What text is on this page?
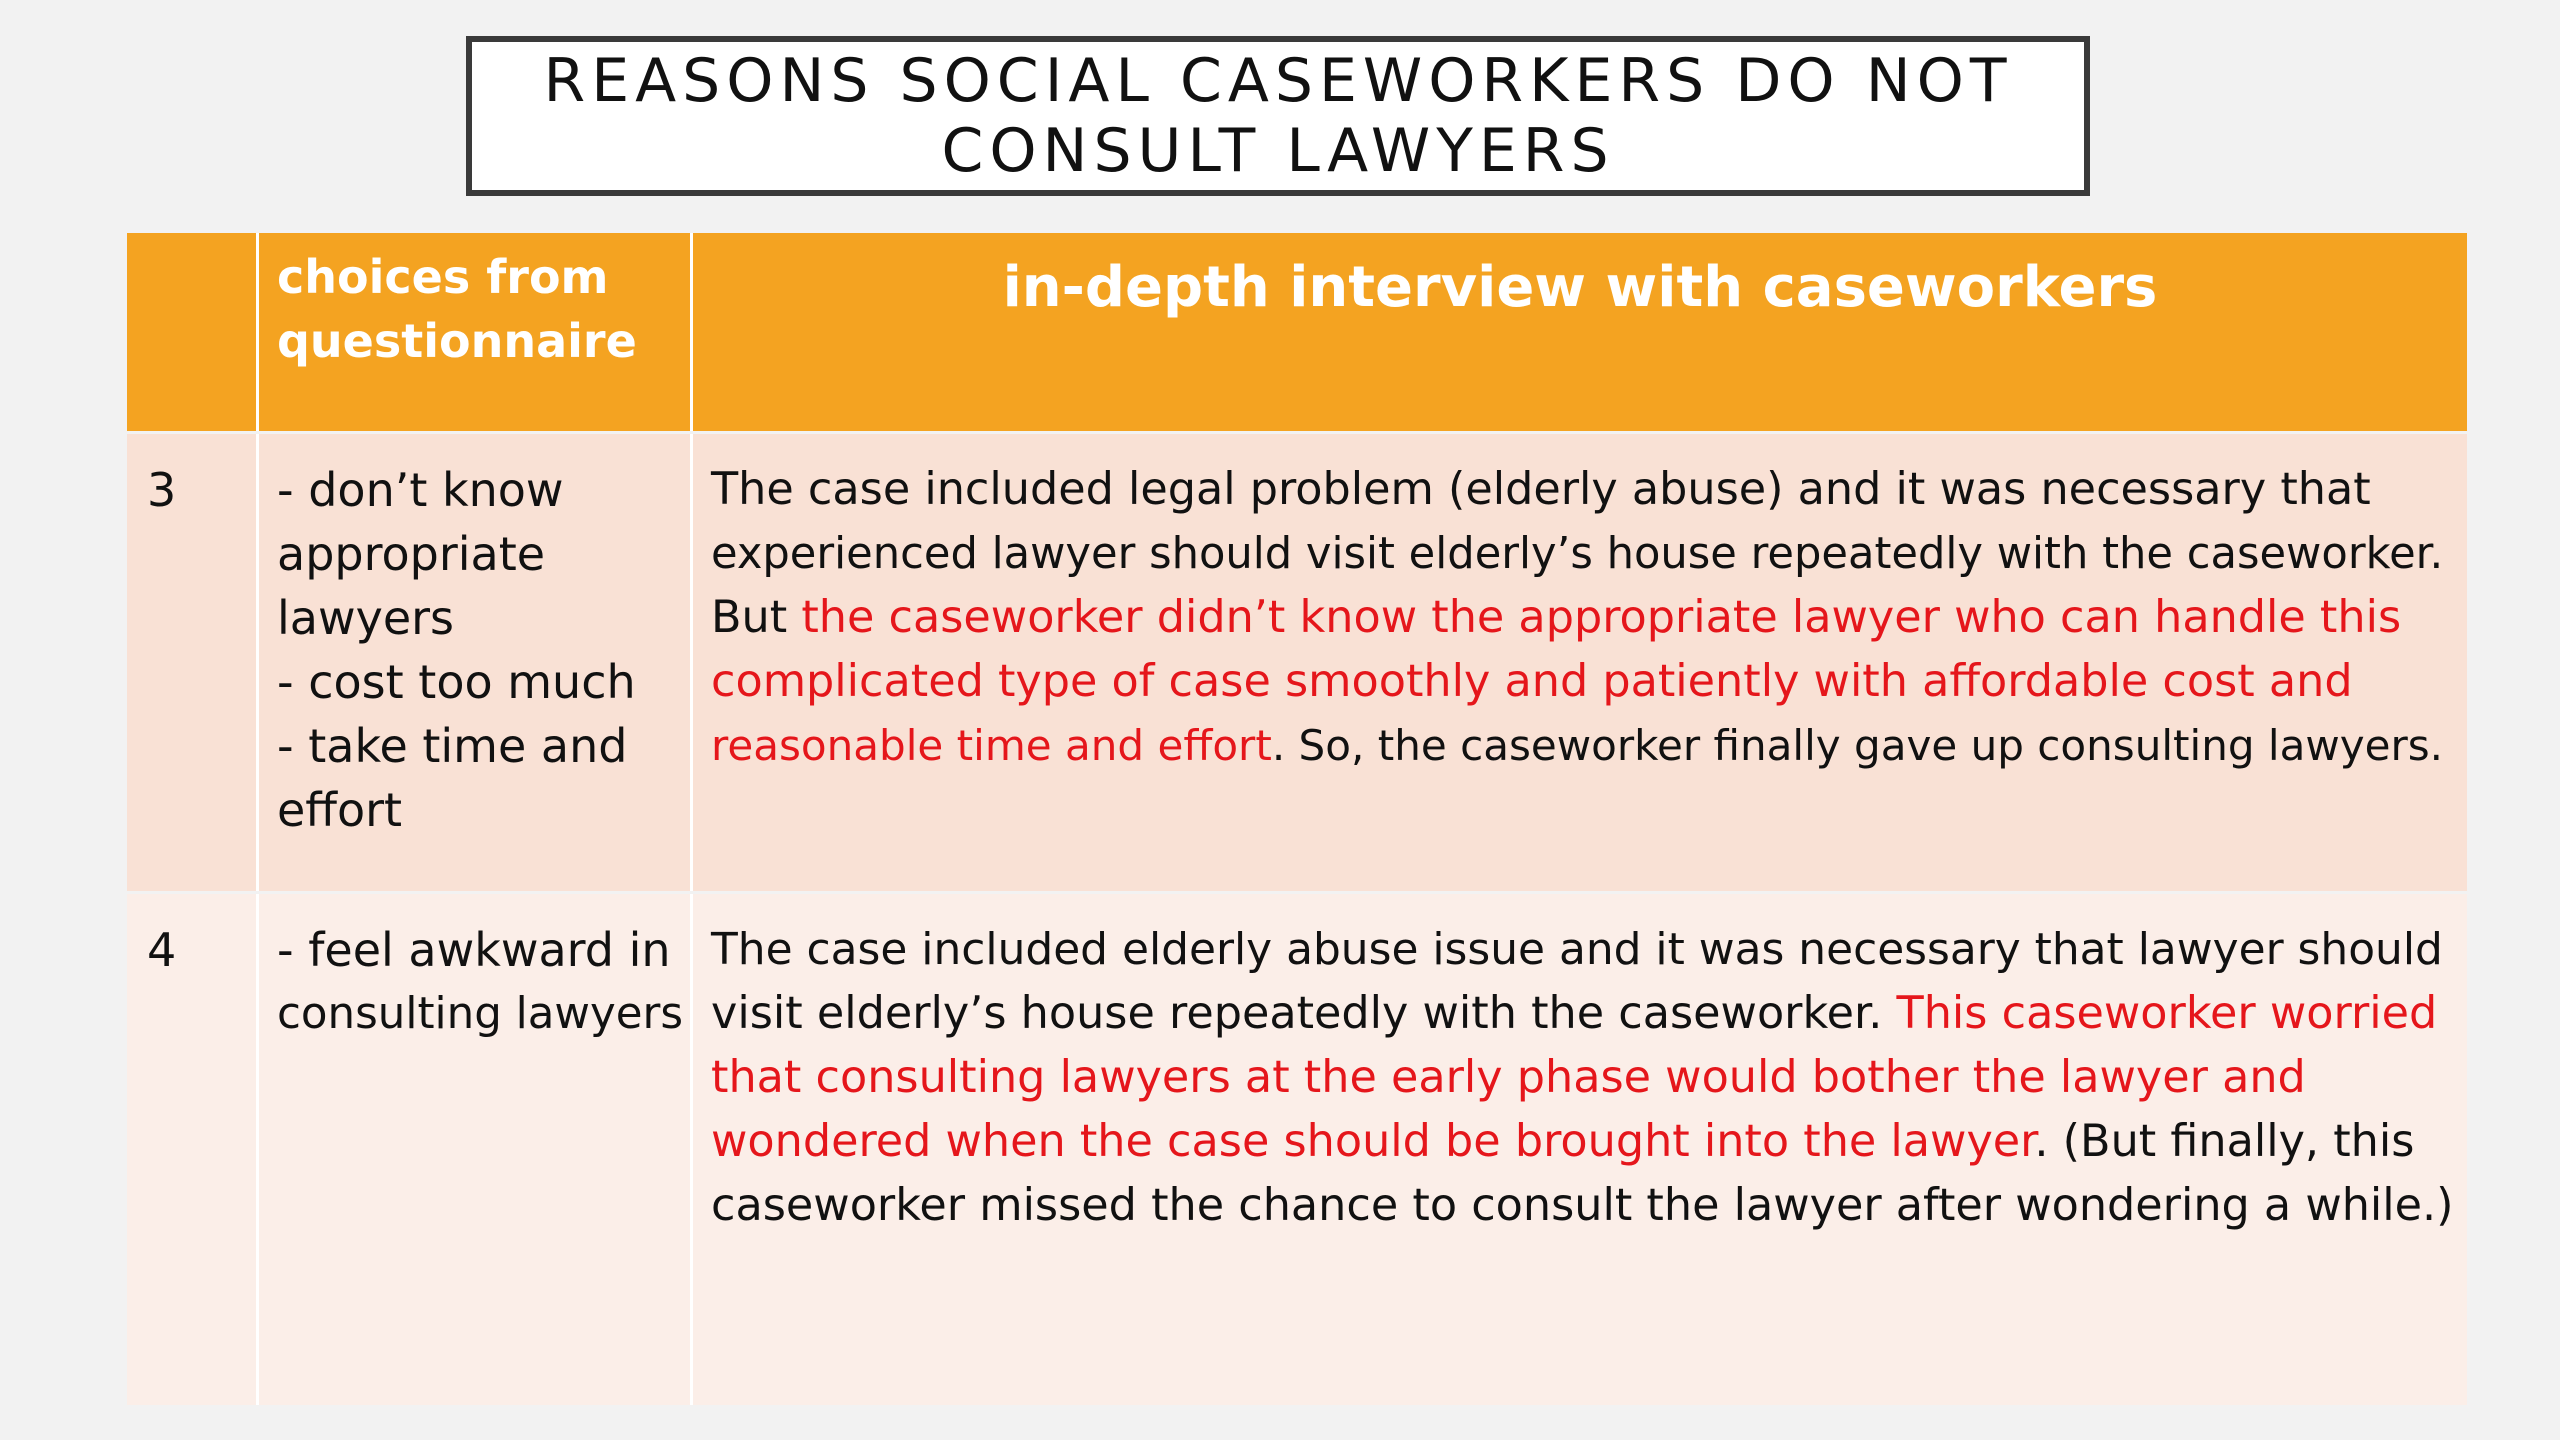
REASONS SOCIAL CASEWORKERS DO NOT
CONSULT LAWYERS
choices from
questionnaire
in-depth interview with caseworkers
3 - don’t know
appropriate
lawyers
- cost too much
- take time and
effort
The case included legal problem (elderly abuse) and it was necessary that
experienced lawyer should visit elderly’s house repeatedly with the caseworker.
But the caseworker didn’t know the appropriate lawyer who can handle this
complicated type of case smoothly and patiently with affordable cost and
reasonable time and effort. So, the caseworker finally gave up consulting lawyers.
4 - feel awkward in
consulting lawyers
The case included elderly abuse issue and it was necessary that lawyer should
visit elderly’s house repeatedly with the caseworker. This caseworker worried
that consulting lawyers at the early phase would bother the lawyer and
wondered when the case should be brought into the lawyer. (But finally, this
caseworker missed the chance to consult the lawyer after wondering a while.)
